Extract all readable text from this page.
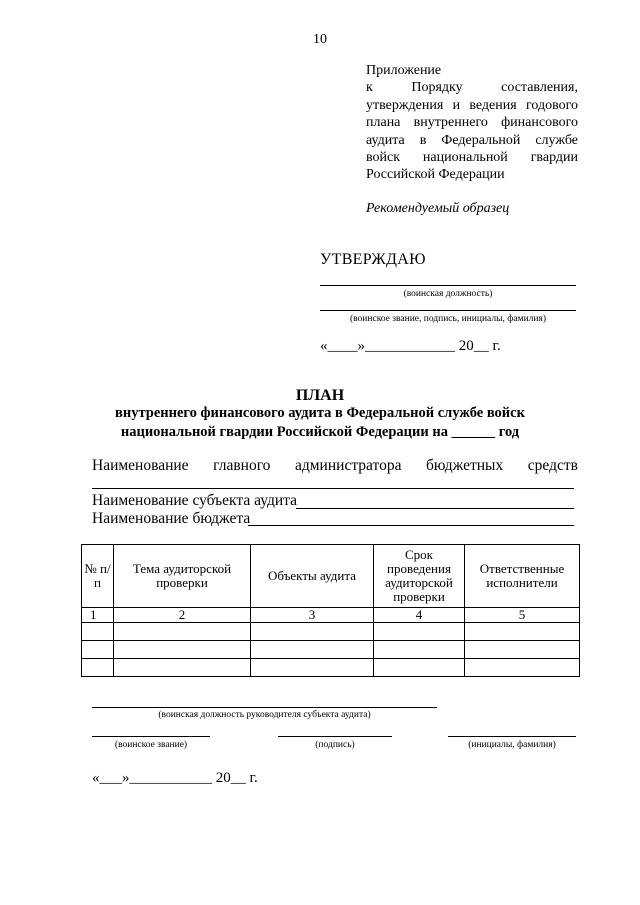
10
Приложение
к	Порядку	составления,
утверждения и ведения годового
плана внутреннего финансового
аудита в Федеральной службе
войск национальной гвардии
Российской Федерации
Рекомендуемый образец
УТВЕРЖДАЮ
(воинская должность)
(воинское звание, подпись, инициалы, фамилия)
«____»____________ 20__ г.
ПЛАН
внутреннего финансового аудита в Федеральной службе войск
национальной гвардии Российской Федерации на ______ год
Наименование главного администратора бюджетных средств
Наименование субъекта аудита
Наименование бюджета
№ п/п	Тема аудиторской проверки	Объекты аудита	Срок проведения аудиторской проверки	Ответственные исполнители
1	2	3	4	5

(воинская должность руководителя субъекта аудита)
(воинское звание)	(подпись)	(инициалы, фамилия)
«___»___________ 20__ г.
